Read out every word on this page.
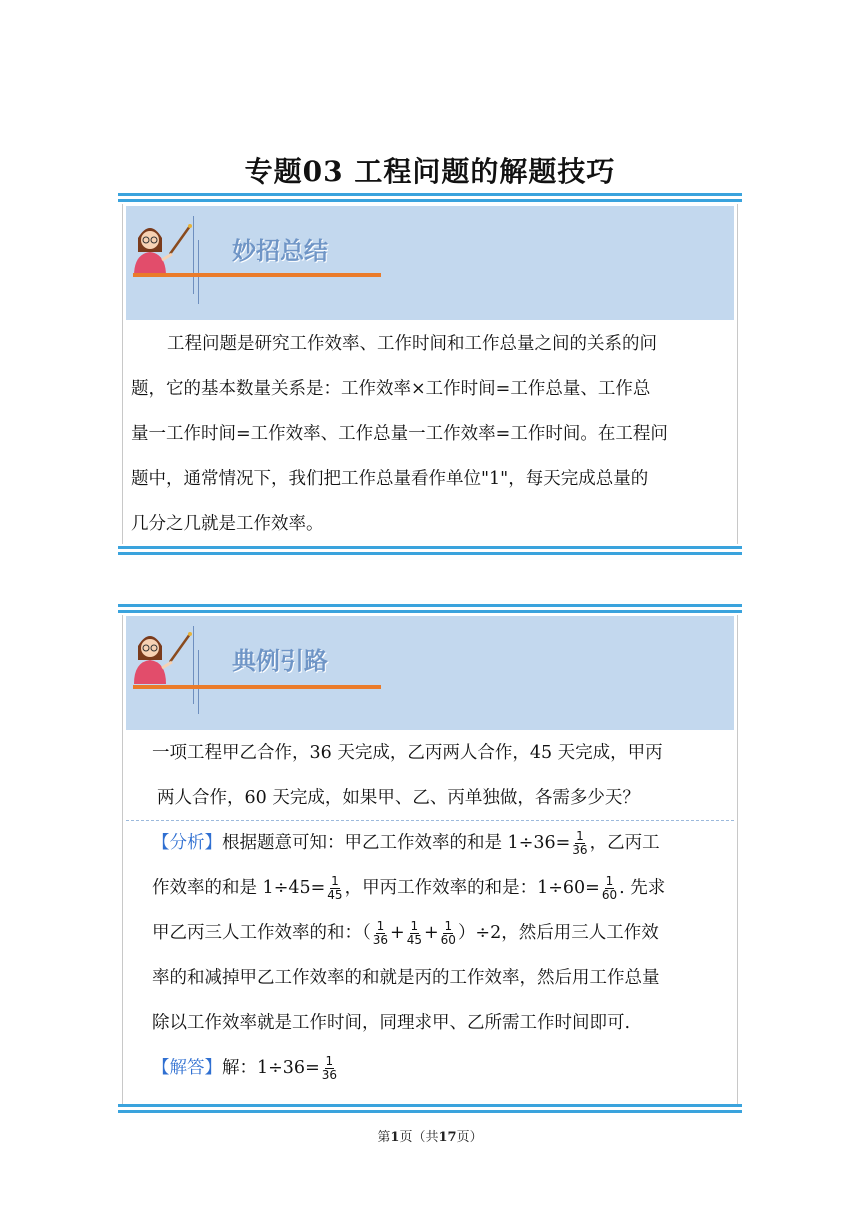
专题03 工程问题的解题技巧
妙招总结
工程问题是研究工作效率、工作时间和工作总量之间的关系的问
题，它的基本数量关系是：工作效率×工作时间=工作总量、工作总
量一工作时间=工作效率、工作总量一工作效率=工作时间。在工程问
题中，通常情况下，我们把工作总量看作单位"1"，每天完成总量的
几分之几就是工作效率。
典例引路
一项工程甲乙合作，36 天完成，乙丙两人合作，45 天完成，甲丙
两人合作，60 天完成，如果甲、乙、丙单独做，各需多少天？
【分析】根据题意可知：甲乙工作效率的和是 $1\div 36= \frac{1}{36}$ ，乙丙工
作效率的和是 $1\div 45= \frac{1}{45}$ ，甲丙工作效率的和是：$1\div 60= \frac{1}{60}$ . 先求
甲乙丙三人工作效率的和：（ $\frac{1}{36} + \frac{1}{45} + \frac{1}{60} )\div 2$，然后用三人工作效
率的和减掉甲乙工作效率的和就是丙的工作效率，然后用工作总量
除以工作效率就是工作时间，同理求甲、乙所需工作时间即可.
【解答】解：$1\div 36= \frac{1}{36}$
第1页（共17页）
